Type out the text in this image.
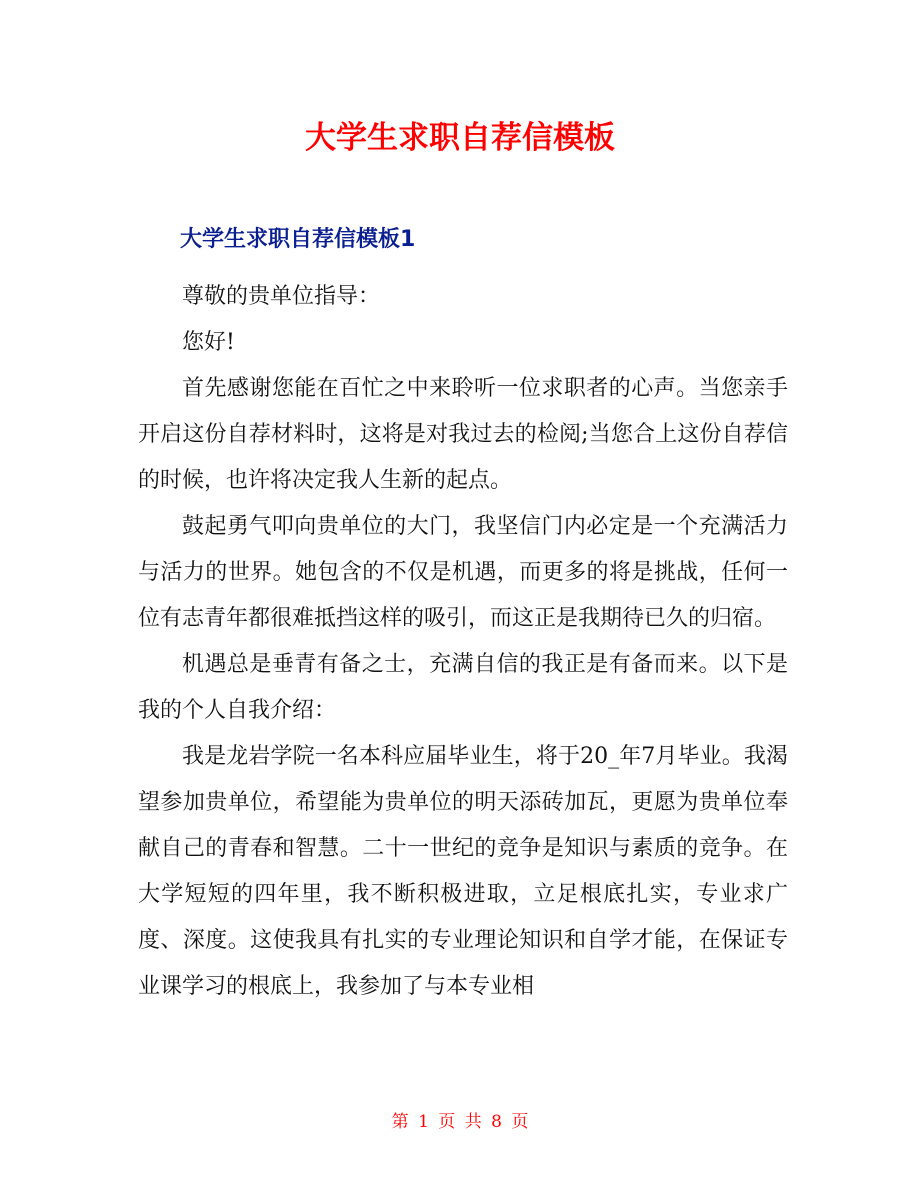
大学生求职自荐信模板
大学生求职自荐信模板1

尊敬的贵单位指导：

您好!

首先感谢您能在百忙之中来聆听一位求职者的心声。当您亲手开启这份自荐材料时，这将是对我过去的检阅;当您合上这份自荐信的时候，也许将决定我人生新的起点。

鼓起勇气叩向贵单位的大门，我坚信门内必定是一个充满活力与活力的世界。她包含的不仅是机遇，而更多的将是挑战，任何一位有志青年都很难抵挡这样的吸引，而这正是我期待已久的归宿。

机遇总是垂青有备之士，充满自信的我正是有备而来。以下是我的个人自我介绍：

我是龙岩学院一名本科应届毕业生，将于20_年7月毕业。我渴望参加贵单位，希望能为贵单位的明天添砖加瓦，更愿为贵单位奉献自己的青春和智慧。二十一世纪的竞争是知识与素质的竞争。在大学短短的四年里，我不断积极进取，立足根底扎实，专业求广度、深度。这使我具有扎实的专业理论知识和自学才能，在保证专业课学习的根底上，我参加了与本专业相

第 1 页 共 8 页
